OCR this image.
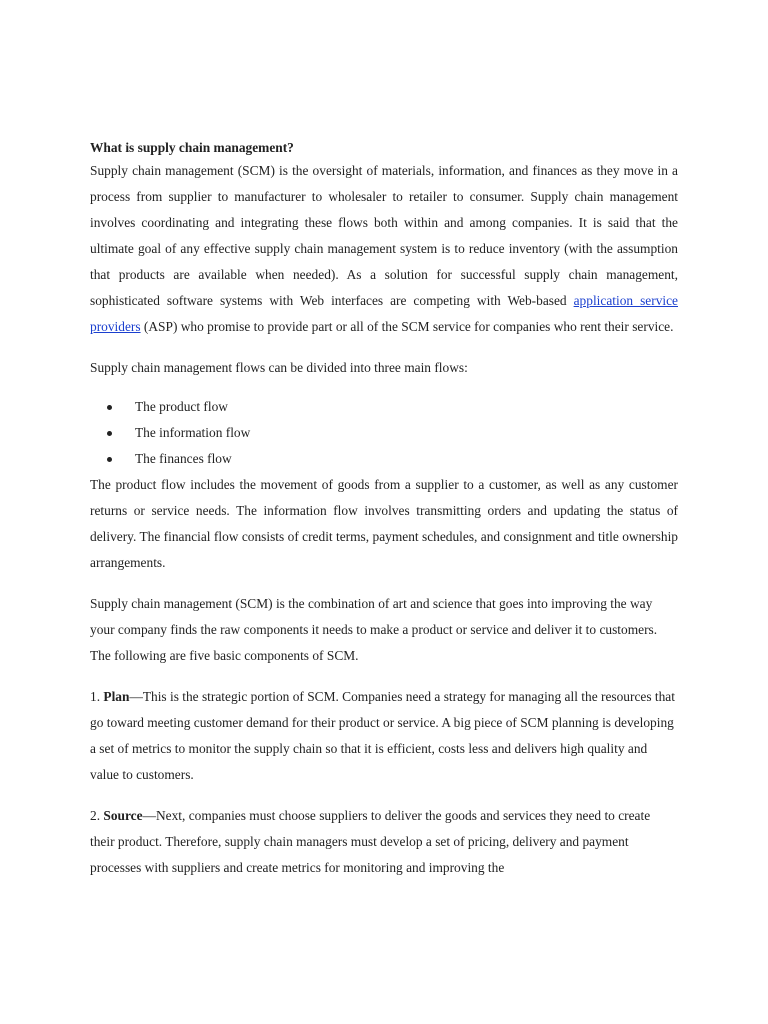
What is supply chain management?

Supply chain management (SCM) is the oversight of materials, information, and finances as they move in a process from supplier to manufacturer to wholesaler to retailer to consumer. Supply chain management involves coordinating and integrating these flows both within and among companies. It is said that the ultimate goal of any effective supply chain management system is to reduce inventory (with the assumption that products are available when needed). As a solution for successful supply chain management, sophisticated software systems with Web interfaces are competing with Web-based application service providers (ASP) who promise to provide part or all of the SCM service for companies who rent their service.

Supply chain management flows can be divided into three main flows:

The product flow
The information flow
The finances flow

The product flow includes the movement of goods from a supplier to a customer, as well as any customer returns or service needs. The information flow involves transmitting orders and updating the status of delivery. The financial flow consists of credit terms, payment schedules, and consignment and title ownership arrangements.

Supply chain management (SCM) is the combination of art and science that goes into improving the way your company finds the raw components it needs to make a product or service and deliver it to customers. The following are five basic components of SCM.

1. Plan—This is the strategic portion of SCM. Companies need a strategy for managing all the resources that go toward meeting customer demand for their product or service. A big piece of SCM planning is developing a set of metrics to monitor the supply chain so that it is efficient, costs less and delivers high quality and value to customers.

2. Source—Next, companies must choose suppliers to deliver the goods and services they need to create their product. Therefore, supply chain managers must develop a set of pricing, delivery and payment processes with suppliers and create metrics for monitoring and improving the
